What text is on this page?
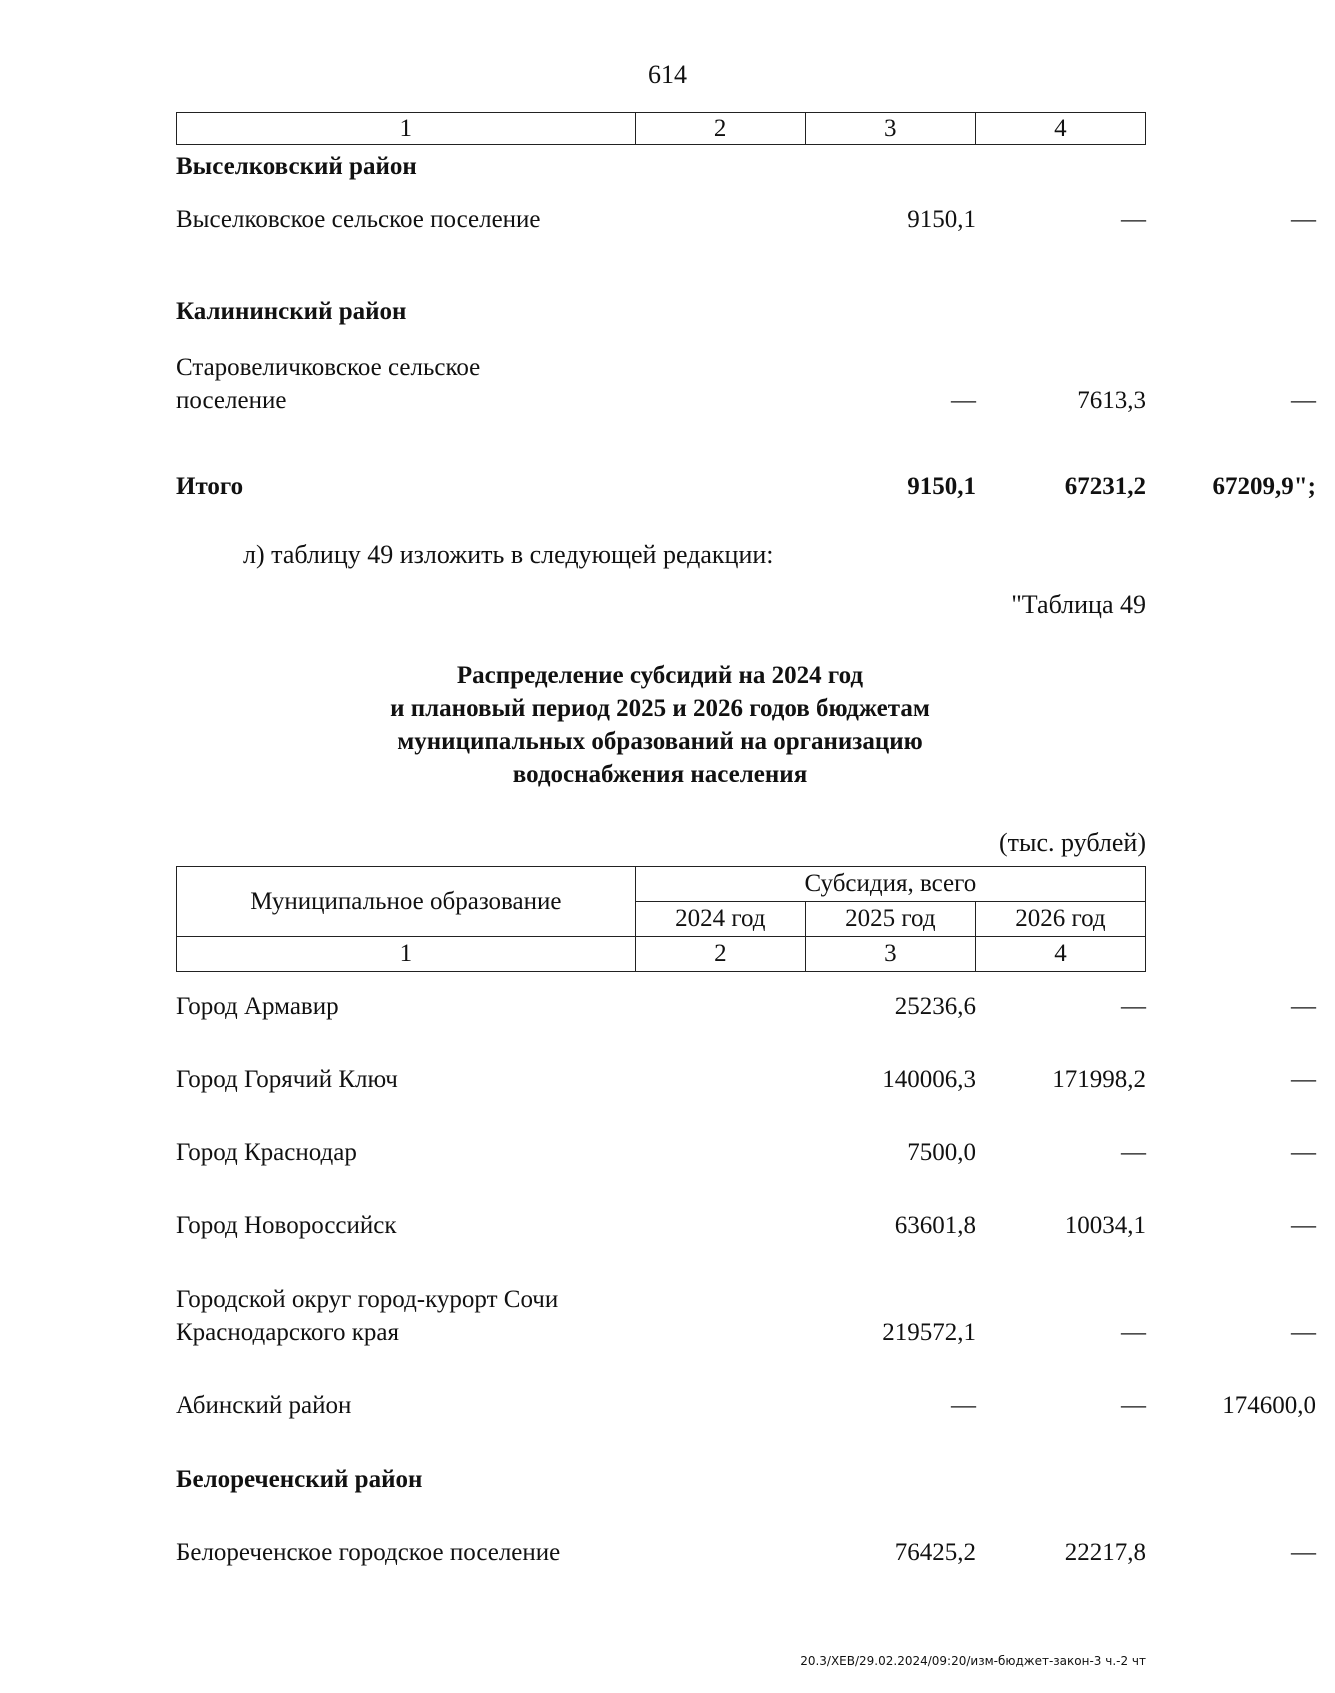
614
1	2	3	4
Выселковский район
Выселковское сельское поселение	9150,1	—	—
Калининский район
Старовеличковское сельское
поселение	—	7613,3	—
Итого	9150,1	67231,2	67209,9";
л) таблицу 49 изложить в следующей редакции:
"Таблица 49
Распределение субсидий на 2024 год
и плановый период 2025 и 2026 годов бюджетам
муниципальных образований на организацию
водоснабжения населения
(тыс. рублей)
Муниципальное образование	Субсидия, всего		
	2024 год	2025 год	2026 год
1	2	3	4
Город Армавир	25236,6	—	—
Город Горячий Ключ	140006,3	171998,2	—
Город Краснодар	7500,0	—	—
Город Новороссийск	63601,8	10034,1	—
Городской округ город-курорт Сочи
Краснодарского края	219572,1	—	—
Абинский район	—	—	174600,0
Белореченский район
Белореченское городское поселение	76425,2	22217,8	—
20.3/ХЕВ/29.02.2024/09:20/изм-бюджет-закон-3 ч.-2 чт
